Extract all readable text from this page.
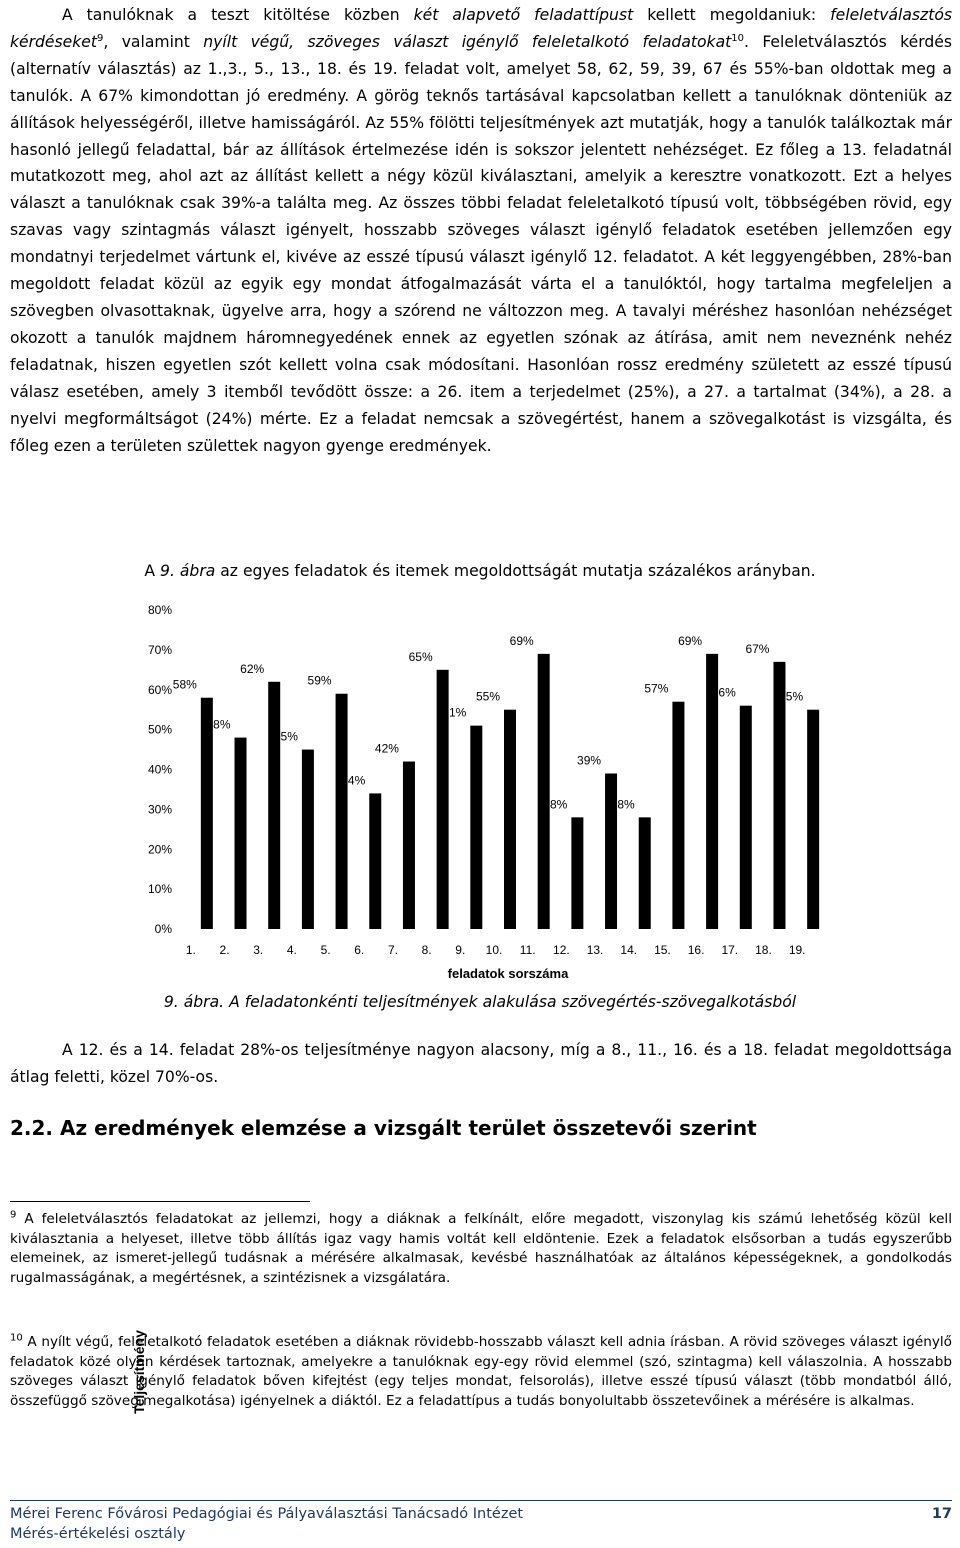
A tanulóknak a teszt kitöltése közben két alapvető feladattípust kellett megoldaniuk: feleletválasztós kérdéseket$^9$, valamint nyílt végű, szöveges választ igénylő feleletalkotó feladatokat$^{10}$. Feleletválasztós kérdés (alternatív választás) az 1.,3., 5., 13., 18. és 19. feladat volt, amelyet 58, 62, 59, 39, 67 és 55%-ban oldottak meg a tanulók. A 67% kimondottan jó eredmény. A görög teknős tartásával kapcsolatban kellett a tanulóknak dönteniük az állítások helyességéről, illetve hamisságáról. Az 55% fölötti teljesítmények azt mutatják, hogy a tanulók találkoztak már hasonló jellegű feladattal, bár az állítások értelmezése idén is sokszor jelentett nehézséget. Ez főleg a 13. feladatnál mutatkozott meg, ahol azt az állítást kellett a négy közül kiválasztani, amelyik a keresztre vonatkozott. Ezt a helyes választ a tanulóknak csak 39%-a találta meg. Az összes többi feladat feleletalkotó típusú volt, többségében rövid, egy szavas vagy szintagmás választ igényelt, hosszabb szöveges választ igénylő feladatok esetében jellemzően egy mondatnyi terjedelmet vártunk el, kivéve az esszé típusú választ igénylő 12. feladatot. A két leggyengébben, 28%-ban megoldott feladat közül az egyik egy mondat átfogalmazását várta el a tanulóktól, hogy tartalma megfeleljen a szövegben olvasottaknak, ügyelve arra, hogy a szórend ne változzon meg. A tavalyi méréshez hasonlóan nehézséget okozott a tanulók majdnem háromnegyedének ennek az egyetlen szónak az átírása, amit nem neveznénk nehéz feladatnak, hiszen egyetlen szót kellett volna csak módosítani. Hasonlóan rossz eredmény született az esszé típusú válasz esetében, amely 3 itemből tevődött össze: a 26. item a terjedelmet (25%), a 27. a tartalmat (34%), a 28. a nyelvi megformáltságot (24%) mérte. Ez a feladat nemcsak a szövegértést, hanem a szövegalkotást is vizsgálta, és főleg ezen a területen születtek nagyon gyenge eredmények.

A 9. ábra az egyes feladatok és itemek megoldottságát mutatja százalékos arányban.
0%
10%
20%
30%
40%
50%
60%
70%
80%
58%
48%
62%
45%
59%
34%
42%
65%
51%
55%
69%
28%
39%
28%
57%
69%
56%
67%
55%
1. 2. 3. 4. 5. 6. 7. 8. 9. 10. 11. 12. 13. 14. 15. 16. 17. 18. 19.
Teljesítmény
feladatok sorszáma
9. ábra. A feladatonkénti teljesítmények alakulása szövegértés-szövegalkotásból

A 12. és a 14. feladat 28%-os teljesítménye nagyon alacsony, míg a 8., 11., 16. és a 18. feladat megoldottsága átlag feletti, közel 70%-os.

2.2. Az eredmények elemzése a vizsgált terület összetevői szerint

$^9$ A feleletválasztós feladatokat az jellemzi, hogy a diáknak a felkínált, előre megadott, viszonylag kis számú lehetőség közül kell kiválasztania a helyeset, illetve több állítás igaz vagy hamis voltát kell eldöntenie. Ezek a feladatok elsősorban a tudás egyszerűbb elemeinek, az ismeret-jellegű tudásnak a mérésére alkalmasak, kevésbé használhatóak az általános képességeknek, a gondolkodás rugalmasságának, a megértésnek, a szintézisnek a vizsgálatára.

$^{10}$ A nyílt végű, feleletalkotó feladatok esetében a diáknak rövidebb-hosszabb választ kell adnia írásban. A rövid szöveges választ igénylő feladatok közé olyan kérdések tartoznak, amelyekre a tanulóknak egy-egy rövid elemmel (szó, szintagma) kell válaszolnia. A hosszabb szöveges választ igénylő feladatok bőven kifejtést (egy teljes mondat, felsorolás), illetve esszé típusú választ (több mondatból álló, összefüggő szöveg megalkotása) igényelnek a diáktól. Ez a feladattípus a tudás bonyolultabb összetevőinek a mérésére is alkalmas.

Mérei Ferenc Fővárosi Pedagógiai és Pályaválasztási Tanácsadó Intézet
Mérés-értékelési osztály
17
